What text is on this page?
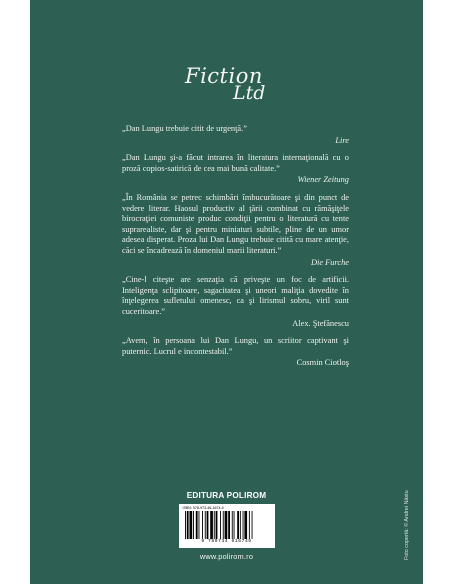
Fiction
Ltd
„Dan Lungu trebuie citit de urgenţă.”
Lire
„Dan Lungu şi-a făcut intrarea în literatura internaţională cu o proză copios-satirică de cea mai bună calitate.”
Wiener Zeitung
„În România se petrec schimbări îmbucurătoare şi din punct de vedere literar. Haosul productiv al ţării combinat cu rămăşiţele birocraţiei comuniste produc condiţii pentru o literatură cu tente suprarealiste, dar şi pentru miniaturi subtile, pline de un umor adesea disperat. Proza lui Dan Lungu trebuie citită cu mare atenţie, căci se încadrează în domeniul marii literaturi.”
Die Furche
„Cine-l citeşte are senzaţia că priveşte un foc de artificii. Inteligenţa sclipitoare, sagacitatea şi uneori maliţia dovedite în înţelegerea sufletului omenesc, ca şi lirismul sobru, viril sunt cuceritoare.”
Alex. Ştefănescu
„Avem, în persoana lui Dan Lungu, un scriitor captivant şi puternic. Lucrul e incontestabil.”
Cosmin Ciotloş
EDITURA POLIROM
ISBN: 978-973-46-1674-9
9 789734 616749
www.polirom.ro	Foto copertă: © Andrei Năstu
